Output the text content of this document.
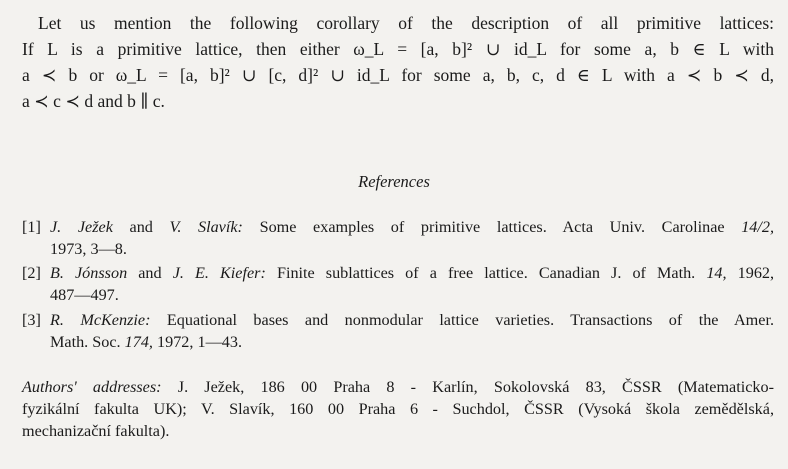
Let us mention the following corollary of the description of all primitive lattices:
If L is a primitive lattice, then either ω_L = [a, b]² ∪ id_L for some a, b ∈ L with
a ≺ b or ω_L = [a, b]² ∪ [c, d]² ∪ id_L for some a, b, c, d ∈ L with a ≺ b ≺ d,
a ≺ c ≺ d and b ∥ c.
References
[1] J. Ježek and V. Slavík: Some examples of primitive lattices. Acta Univ. Carolinae 14/2,
1973, 3—8.
[2] B. Jónsson and J. E. Kiefer: Finite sublattices of a free lattice. Canadian J. of Math. 14, 1962,
487—497.
[3] R. McKenzie: Equational bases and nonmodular lattice varieties. Transactions of the Amer.
Math. Soc. 174, 1972, 1—43.
Authors' addresses: J. Ježek, 186 00 Praha 8 - Karlín, Sokolovská 83, ČSSR (Matematicko-
fyzikální fakulta UK); V. Slavík, 160 00 Praha 6 - Suchdol, ČSSR (Vysoká škola zemědělská,
mechanizační fakulta).
